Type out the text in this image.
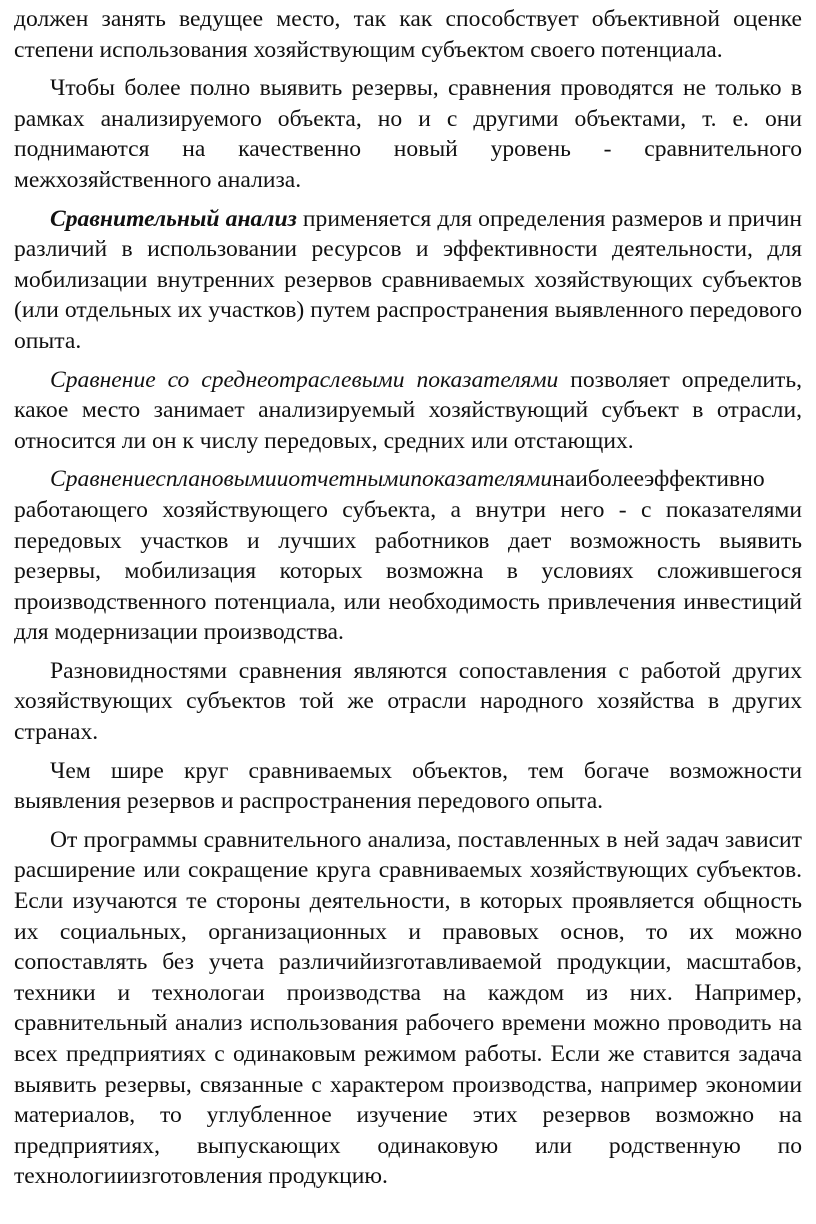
должен занять ведущее место, так как способствует объективной оценке степени использования хозяйствующим субъектом своего потенциала.

Чтобы более полно выявить резервы, сравнения проводятся не только в рамках анализируемого объекта, но и с другими объектами, т. е. они поднимаются на качественно новый уровень - сравнительного межхозяйственного анализа.

Сравнительный анализ применяется для определения размеров и причин различий в использовании ресурсов и эффективности деятельности, для мобилизации внутренних резервов сравниваемых хозяйствующих субъектов (или отдельных их участков) путем распространения выявленного передового опыта.

Сравнение со среднеотраслевыми показателями позволяет определить, какое место занимает анализируемый хозяйствующий субъект в отрасли, относится ли он к числу передовых, средних или отстающих.

Сравнениесплановымииотчетнымипоказателяминаиболееэффективно работающего хозяйствующего субъекта, а внутри него - с показателями передовых участков и лучших работников дает возможность выявить резервы, мобилизация которых возможна в условиях сложившегося производственного потенциала, или необходимость привлечения инвестиций для модернизации производства.

Разновидностями сравнения являются сопоставления с работой других хозяйствующих субъектов той же отрасли народного хозяйства в других странах.

Чем шире круг сравниваемых объектов, тем богаче возможности выявления резервов и распространения передового опыта.

От программы сравнительного анализа, поставленных в ней задач зависит расширение или сокращение круга сравниваемых хозяйствующих субъектов. Если изучаются те стороны деятельности, в которых проявляется общность их социальных, организационных и правовых основ, то их можно сопоставлять без учета различийизготавливаемой продукции, масштабов, техники и технологаи производства на каждом из них. Например, сравнительный анализ использования рабочего времени можно проводить на всех предприятиях с одинаковым режимом работы. Если же ставится задача выявить резервы, связанные с характером производства, например экономии материалов, то углубленное изучение этих резервов возможно на предприятиях, выпускающих одинаковую или родственную по технологииизготовления продукцию.
